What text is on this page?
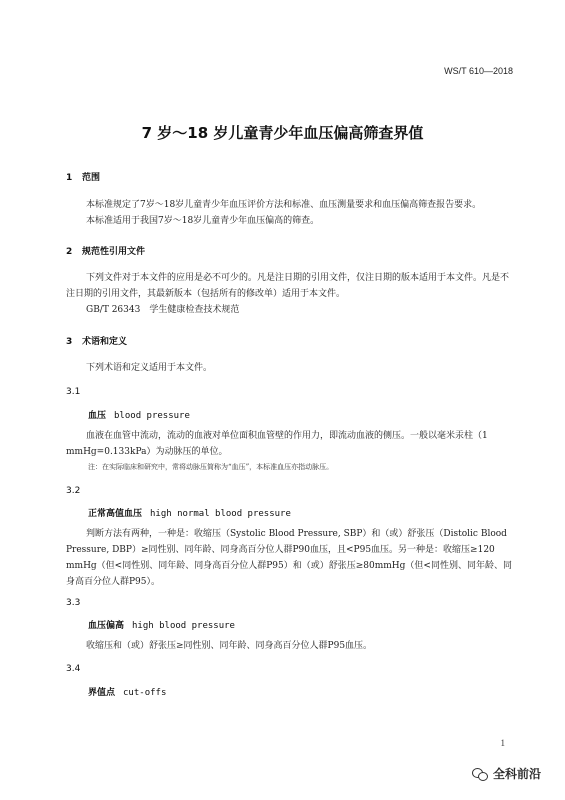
WS/T 610—2018
7 岁～18 岁儿童青少年血压偏高筛查界值
1 范围
本标准规定了7岁～18岁儿童青少年血压评价方法和标准、血压测量要求和血压偏高筛查报告要求。
本标准适用于我国7岁～18岁儿童青少年血压偏高的筛查。
2 规范性引用文件
下列文件对于本文件的应用是必不可少的。凡是注日期的引用文件，仅注日期的版本适用于本文件。凡是不注日期的引用文件，其最新版本（包括所有的修改单）适用于本文件。
GB/T 26343　学生健康检查技术规范
3 术语和定义
下列术语和定义适用于本文件。
3.1
血压 blood pressure
血液在血管中流动，流动的血液对单位面积血管壁的作用力，即流动血液的侧压。一般以毫米汞柱（1 mmHg=0.133kPa）为动脉压的单位。
注：在实际临床和研究中，常将动脉压简称为“血压”，本标准血压亦指动脉压。
3.2
正常高值血压 high normal blood pressure
判断方法有两种，一种是：收缩压（Systolic Blood Pressure, SBP）和（或）舒张压（Distolic Blood Pressure, DBP）≥同性别、同年龄、同身高百分位人群P90血压，且<P95血压。另一种是：收缩压≥120 mmHg（但<同性别、同年龄、同身高百分位人群P95）和（或）舒张压≥80mmHg（但<同性别、同年龄、同身高百分位人群P95）。
3.3
血压偏高 high blood pressure
收缩压和（或）舒张压≥同性别、同年龄、同身高百分位人群P95血压。
3.4
界值点 cut-offs
1
全科前沿
